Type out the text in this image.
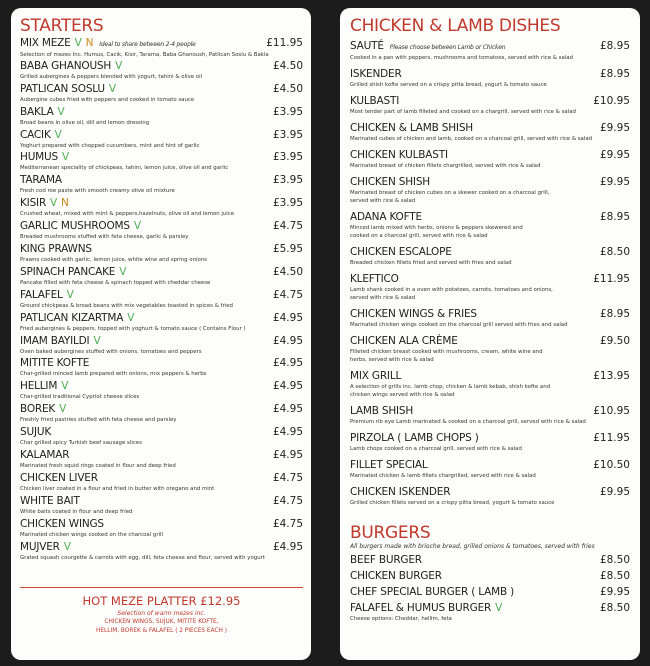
STARTERS
MIX MEZE V N Ideal to share between 2-4 people
Selection of mezes Inc. Humus, Cacik, Kisir, Tarama, Baba Ghanoush, Patlican Soslu & Bakla
£11.95
BABA GHANOUSH V
Grilled aubergines & peppers blended with yogurt, tahini & olive oil
£4.50
PATLICAN SOSLU V
Aubergine cubes fried with peppers and cooked in tomato sauce
£4.50
BAKLA V
Broad beans in olive oil, dill and lemon dressing
£3.95
CACIK V
Yoghurt prepared with chopped cucumbers, mint and hint of garlic
£3.95
HUMUS V
Mediterranean speciality of chickpeas, tahini, lemon juice, olive oil and garlic
£3.95
TARAMA
Fresh cod roe paste with smooth creamy olive oil mixture
£3.95
KISIR V N
Crushed wheat, mixed with mint & peppers,hazelnuts, olive oil and lemon juice
£3.95
GARLIC MUSHROOMS V
Breaded mushrooms stuffed with feta cheese, garlic & parsley
£4.75
KING PRAWNS
Prawns cooked with garlic, lemon juice, white wine and spring onions
£5.95
SPINACH PANCAKE V
Pancake filled with feta cheese & spinach topped with cheddar cheese
£4.50
FALAFEL V
Ground chickpeas & broad beans with mix vegetables toasted in spices & fried
£4.75
PATLICAN KIZARTMA V
Fried aubergines & peppers, topped with yoghurt & tomato sauce ( Contains Flour )
£4.95
IMAM BAYILDI V
Oven baked aubergines stuffed with onions, tomatoes and peppers
£4.95
MITITE KOFTE
Char-grilled minced lamb prepared with onions, mix peppers & herbs
£4.95
HELLIM V
Char-grilled traditional Cypriot cheese slices
£4.95
BOREK V
Freshly fried pastries stuffed with feta cheese and parsley
£4.95
SUJUK
Char grilled spicy Turkish beef sausage slices
£4.95
KALAMAR
Marinated fresh squid rings coated in flour and deep fried
£4.95
CHICKEN LIVER
Chicken liver coated in a flour and fried in butter with oregano and mint
£4.75
WHITE BAIT
White baits coated in flour and deep fried
£4.75
CHICKEN WINGS
Marinated chicken wings cooked on the charcoal grill
£4.75
MUJVER V
Grated squash courgette & carrots with egg, dill, feta cheese and flour, served with yogurt
£4.95
HOT MEZE PLATTER £12.95
Selection of warm mezes inc.
CHICKEN WINGS, SUJUK, MITITE KOFTE,
HELLIM, BOREK & FALAFEL ( 2 PIECES EACH )
CHICKEN & LAMB DISHES
SAUTÉ Please choose between Lamb or Chicken
Cooked in a pan with peppers, mushrooms and tomatoes, served with rice & salad
£8.95
ISKENDER
Grilled shish kofte served on a crispy pitta bread, yogurt & tomato sauce
£8.95
KULBASTI
Most tender part of lamb filleted and cooked on a chargrill, served with rice & salad
£10.95
CHICKEN & LAMB SHISH
Marinated cubes of chicken and lamb, cooked on a charcoal grill, served with rice & salad
£9.95
CHICKEN KULBASTI
Marinated breast of chicken fillets chargrilled, served with rice & salad
£9.95
CHICKEN SHISH
Marinated breast of chicken cubes on a skewer cooked on a charcoal grill,
served with rice & salad
£9.95
ADANA KOFTE
Minced lamb mixed with herbs, onions & peppers skewered and
cooked on a charcoal grill, served with rice & salad
£8.95
CHICKEN ESCALOPE
Breaded chicken fillets fried and served with fries and salad
£8.50
KLEFTICO
Lamb shank cooked in a oven with potatoes, carrots, tomatoes and onions,
served with rice & salad
£11.95
CHICKEN WINGS & FRIES
Marinated chicken wings cooked on the charcoal grill served with fries and salad
£8.95
CHICKEN ALA CRÈME
Filleted chicken breast cooked with mushrooms, cream, white wine and
herbs, served with rice & salad
£9.50
MIX GRILL
A selection of grills inc. lamb chop, chicken & lamb kebab, shish kofte and
chicken wings served with rice & salad
£13.95
LAMB SHISH
Premium rib eye Lamb marinated & cooked on a charcoal grill, served with rice & salad
£10.95
PIRZOLA ( LAMB CHOPS )
Lamb chops cooked on a charcoal grill, served with rice & salad
£11.95
FILLET SPECIAL
Marinated chicken & lamb fillets chargrilled, served with rice & salad
£10.50
CHICKEN ISKENDER
Grilled chicken fillets served on a crispy pitta bread, yogurt & tomato sauce
£9.95
BURGERS
All burgers made with brioche bread, grilled onions & tomatoes, served with fries
BEEF BURGER	£8.50
CHICKEN BURGER	£8.50
CHEF SPECIAL BURGER ( LAMB )	£9.95
FALAFEL & HUMUS BURGER V
Cheese options: Cheddar, hellim, feta
£8.50
